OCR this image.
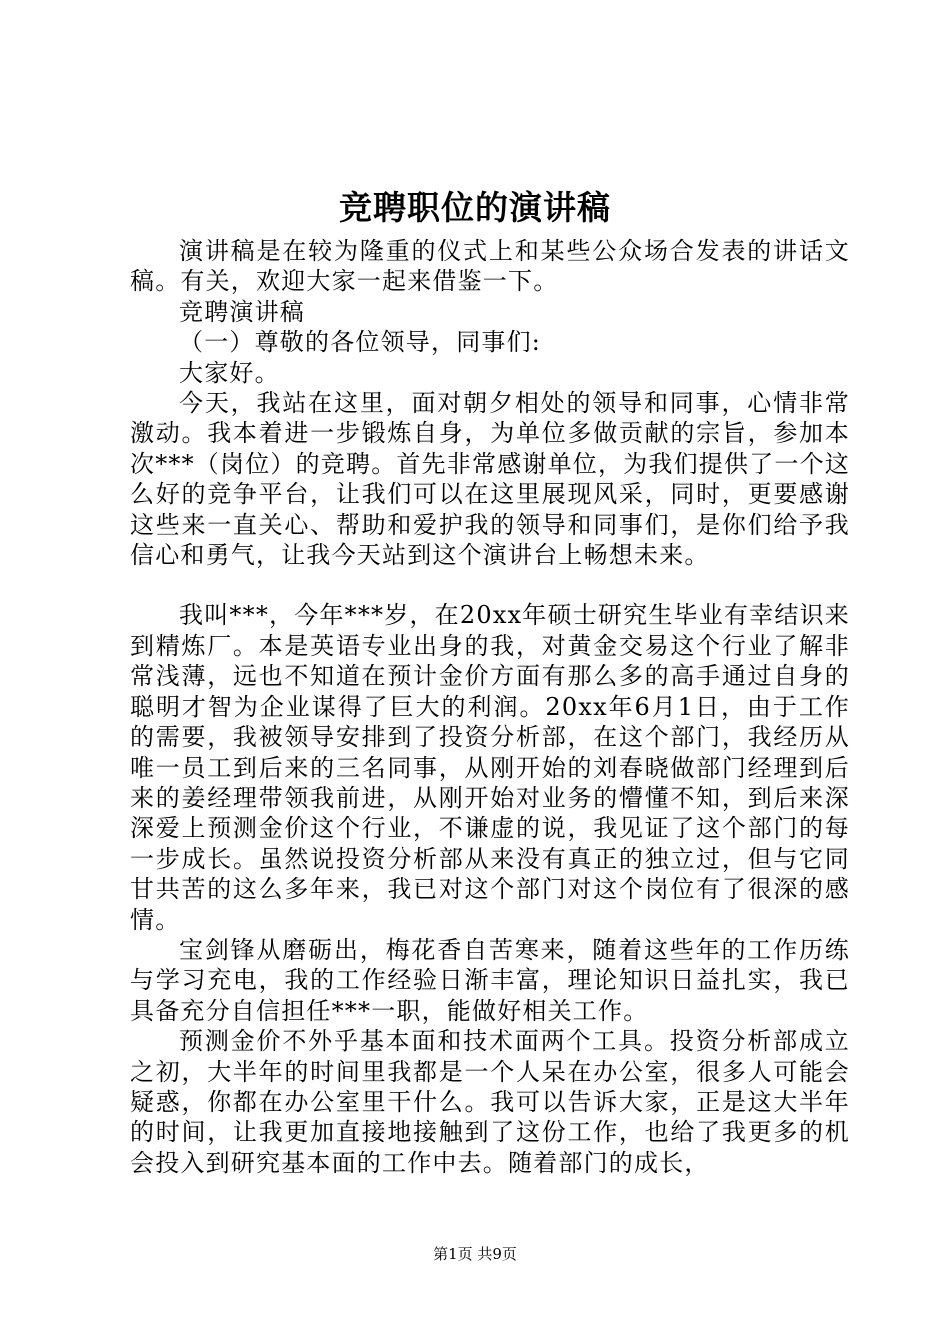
竞聘职位的演讲稿

演讲稿是在较为隆重的仪式上和某些公众场合发表的讲话文稿。有关，欢迎大家一起来借鉴一下。

竞聘演讲稿

（一）尊敬的各位领导，同事们:

大家好。

今天，我站在这里，面对朝夕相处的领导和同事，心情非常激动。我本着进一步锻炼自身，为单位多做贡献的宗旨，参加本次***（岗位）的竞聘。首先非常感谢单位，为我们提供了一个这么好的竞争平台，让我们可以在这里展现风采，同时，更要感谢这些来一直关心、帮助和爱护我的领导和同事们，是你们给予我信心和勇气，让我今天站到这个演讲台上畅想未来。

我叫***，今年***岁，在20xx年硕士研究生毕业有幸结识来到精炼厂。本是英语专业出身的我，对黄金交易这个行业了解非常浅薄，远也不知道在预计金价方面有那么多的高手通过自身的聪明才智为企业谋得了巨大的利润。20xx年6月1日，由于工作的需要，我被领导安排到了投资分析部，在这个部门，我经历从唯一员工到后来的三名同事，从刚开始的刘春晓做部门经理到后来的姜经理带领我前进，从刚开始对业务的懵懂不知，到后来深深爱上预测金价这个行业，不谦虚的说，我见证了这个部门的每一步成长。虽然说投资分析部从来没有真正的独立过，但与它同甘共苦的这么多年来，我已对这个部门对这个岗位有了很深的感情。

宝剑锋从磨砺出，梅花香自苦寒来，随着这些年的工作历练与学习充电，我的工作经验日渐丰富，理论知识日益扎实，我已具备充分自信担任***一职，能做好相关工作。

预测金价不外乎基本面和技术面两个工具。投资分析部成立之初，大半年的时间里我都是一个人呆在办公室，很多人可能会疑惑，你都在办公室里干什么。我可以告诉大家，正是这大半年的时间，让我更加直接地接触到了这份工作，也给了我更多的机会投入到研究基本面的工作中去。随着部门的成长，

第1页 共9页
